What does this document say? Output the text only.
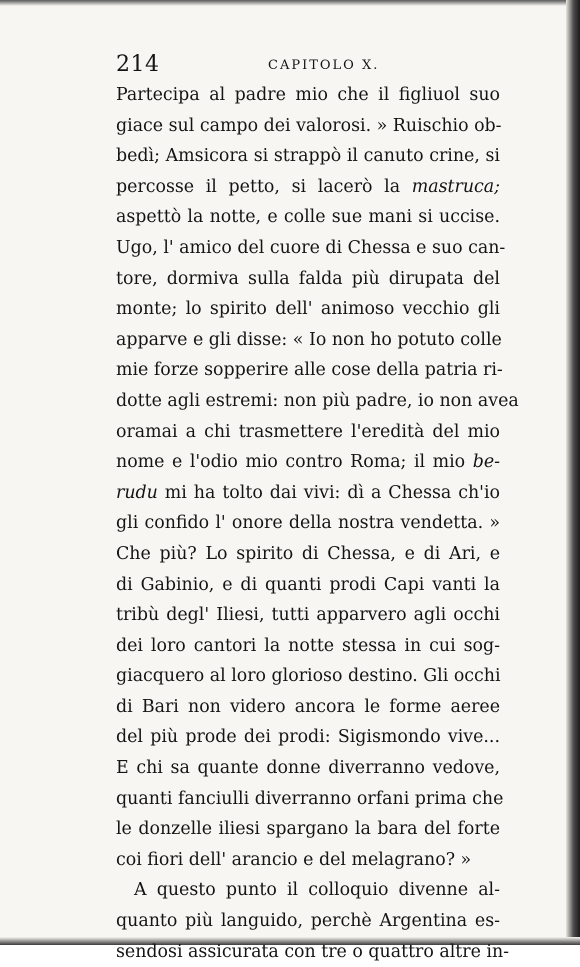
214	CAPITOLO X.
Partecipa al padre mio che il figliuol suo
giace sul campo dei valorosi. » Ruischio ob-
bedì; Amsicora si strappò il canuto crine, si
percosse il petto, si lacerò la mastruca;
aspettò la notte, e colle sue mani si uccise.
Ugo, l' amico del cuore di Chessa e suo can-
tore, dormiva sulla falda più dirupata del
monte; lo spirito dell' animoso vecchio gli
apparve e gli disse: « Io non ho potuto colle
mie forze sopperire alle cose della patria ri-
dotte agli estremi: non più padre, io non avea
oramai a chi trasmettere l'eredità del mio
nome e l'odio mio contro Roma; il mio be-
rudu mi ha tolto dai vivi: dì a Chessa ch'io
gli confido l' onore della nostra vendetta. »
Che più? Lo spirito di Chessa, e di Ari, e
di Gabinio, e di quanti prodi Capi vanti la
tribù degl' Iliesi, tutti apparvero agli occhi
dei loro cantori la notte stessa in cui sog-
giacquero al loro glorioso destino. Gli occhi
di Bari non videro ancora le forme aeree
del più prode dei prodi: Sigismondo vive...
E chi sa quante donne diverranno vedove,
quanti fanciulli diverranno orfani prima che
le donzelle iliesi spargano la bara del forte
coi fiori dell' arancio e del melagrano? »
A questo punto il colloquio divenne al-
quanto più languido, perchè Argentina es-
sendosi assicurata con tre o quattro altre in-
